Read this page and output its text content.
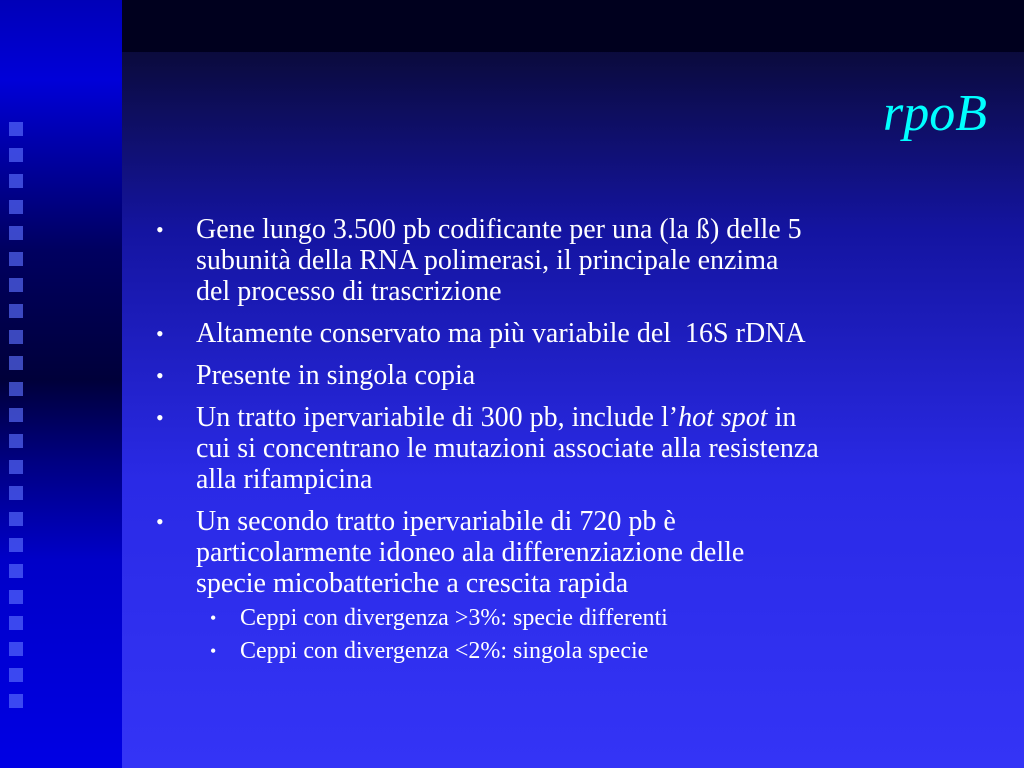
rpoB
• Gene lungo 3.500 pb codificante per una (la ß) delle 5
subunità della RNA polimerasi, il principale enzima
del processo di trascrizione
• Altamente conservato ma più variabile del  16S rDNA
• Presente in singola copia
• Un tratto ipervariabile di 300 pb, include l’hot spot in
cui si concentrano le mutazioni associate alla resistenza
alla rifampicina
• Un secondo tratto ipervariabile di 720 pb è
particolarmente idoneo ala differenziazione delle
specie micobatteriche a crescita rapida
• Ceppi con divergenza >3%: specie differenti
• Ceppi con divergenza <2%: singola specie
